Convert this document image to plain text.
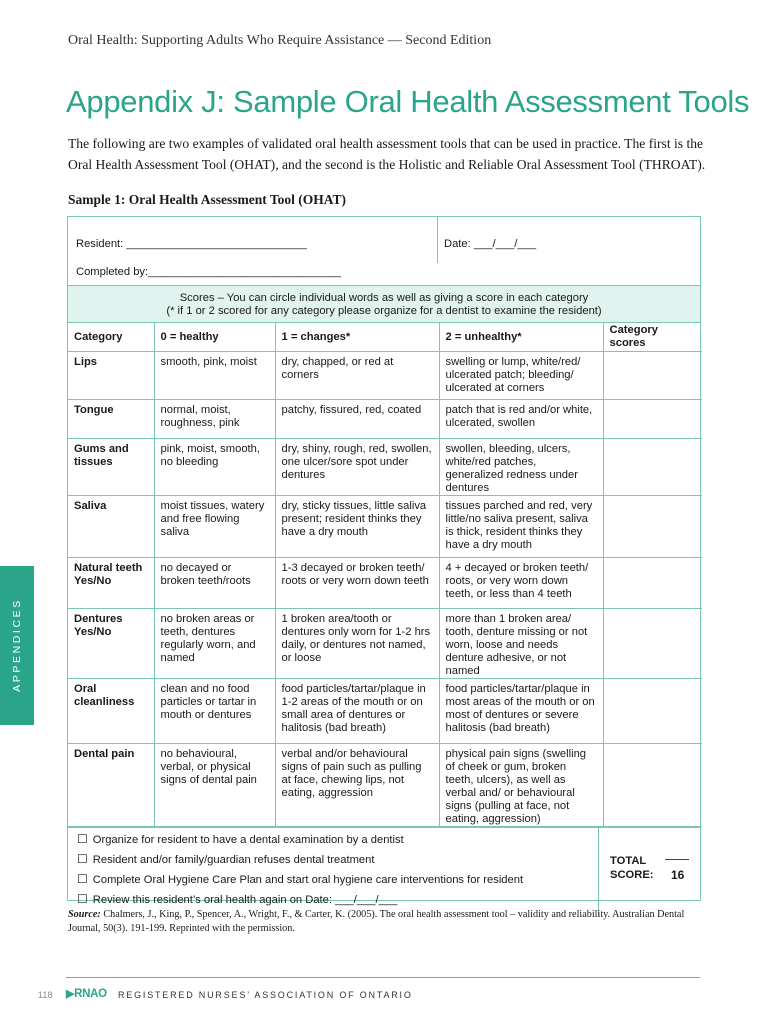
Oral Health: Supporting Adults Who Require Assistance — Second Edition
Appendix J: Sample Oral Health Assessment Tools

The following are two examples of validated oral health assessment tools that can be used in practice. The first is the Oral Health Assessment Tool (OHAT), and the second is the Holistic and Reliable Oral Assessment Tool (THROAT).

Sample 1: Oral Health Assessment Tool (OHAT)
APPENDICES
Resident: _____________________________	Date: ___/___/___
Completed by:_______________________________
Scores – You can circle individual words as well as giving a score in each category
(* if 1 or 2 scored for any category please organize for a dentist to examine the resident)
Category	0 = healthy	1 = changes*	2 = unhealthy*	Category scores
Lips	smooth, pink, moist	dry, chapped, or red at corners	swelling or lump, white/red/ ulcerated patch; bleeding/ ulcerated at corners	
Tongue	normal, moist, roughness, pink	patchy, fissured, red, coated	patch that is red and/or white, ulcerated, swollen	
Gums and tissues	pink, moist, smooth, no bleeding	dry, shiny, rough, red, swollen, one ulcer/sore spot under dentures	swollen, bleeding, ulcers, white/red patches, generalized redness under dentures	
Saliva	moist tissues, watery and free flowing saliva	dry, sticky tissues, little saliva present; resident thinks they have a dry mouth	tissues parched and red, very little/no saliva present, saliva is thick, resident thinks they have a dry mouth	
Natural teeth Yes/No	no decayed or broken teeth/roots	1-3 decayed or broken teeth/ roots or very worn down teeth	4 + decayed or broken teeth/ roots, or very worn down teeth, or less than 4 teeth	
Dentures Yes/No	no broken areas or teeth, dentures regularly worn, and named	1 broken area/tooth or dentures only worn for 1-2 hrs daily, or dentures not named, or loose	more than 1 broken area/ tooth, denture missing or not worn, loose and needs denture adhesive, or not named	
Oral cleanliness	clean and no food particles or tartar in mouth or dentures	food particles/tartar/plaque in 1-2 areas of the mouth or on small area of dentures or halitosis (bad breath)	food particles/tartar/plaque in most areas of the mouth or on most of dentures or severe halitosis (bad breath)	
Dental pain	no behavioural, verbal, or physical signs of dental pain	verbal and/or behavioural signs of pain such as pulling at face, chewing lips, not eating, aggression	physical pain signs (swelling of cheek or gum, broken teeth, ulcers), as well as verbal and/ or behavioural signs (pulling at face, not eating, aggression)	
☐ Organize for resident to have a dental examination by a dentist
☐ Resident and/or family/guardian refuses dental treatment
☐ Complete Oral Hygiene Care Plan and start oral hygiene care interventions for resident
☐ Review this resident’s oral health again on Date: ___/___/___
TOTAL SCORE:	16

Source: Chalmers, J., King, P., Spencer, A., Wright, F., & Carter, K. (2005). The oral health assessment tool – validity and reliability. Australian Dental Journal, 50(3). 191-199. Reprinted with the permission.

118 ▶RNAO REGISTERED NURSES’ ASSOCIATION OF ONTARIO
